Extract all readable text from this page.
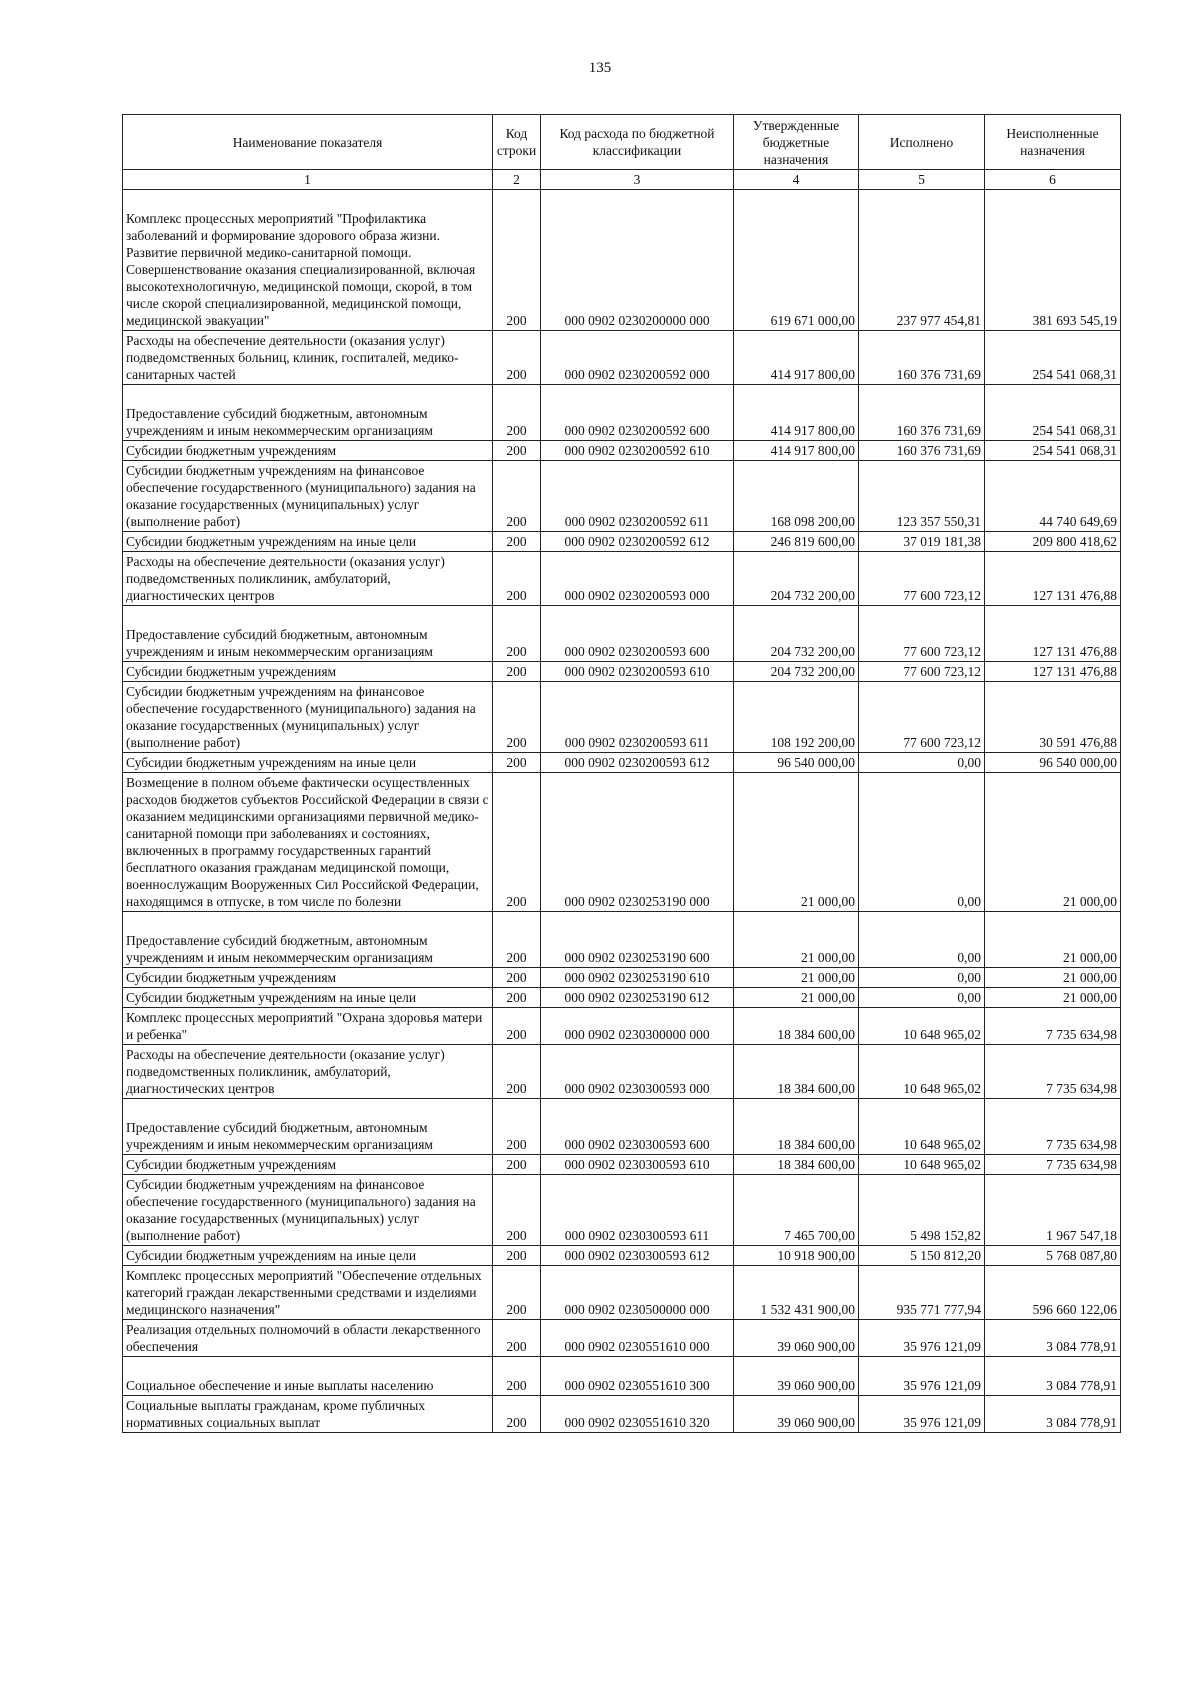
135
Наименование показателя	Код строки	Код расхода по бюджетной классификации	Утвержденные бюджетные назначения	Исполнено	Неисполненные назначения
1	2	3	4	5	6
Комплекс процессных мероприятий "Профилактика заболеваний и формирование здорового образа жизни. Развитие первичной медико-санитарной помощи. Совершенствование оказания специализированной, включая высокотехнологичную, медицинской помощи, скорой, в том числе скорой специализированной, медицинской помощи, медицинской эвакуации"	200	000 0902 0230200000 000	619 671 000,00	237 977 454,81	381 693 545,19
Расходы на обеспечение деятельности (оказания услуг) подведомственных больниц, клиник, госпиталей, медико-санитарных частей	200	000 0902 0230200592 000	414 917 800,00	160 376 731,69	254 541 068,31
Предоставление субсидий бюджетным, автономным учреждениям и иным некоммерческим организациям	200	000 0902 0230200592 600	414 917 800,00	160 376 731,69	254 541 068,31
Субсидии бюджетным учреждениям	200	000 0902 0230200592 610	414 917 800,00	160 376 731,69	254 541 068,31
Субсидии бюджетным учреждениям на финансовое обеспечение государственного (муниципального) задания на оказание государственных (муниципальных) услуг (выполнение работ)	200	000 0902 0230200592 611	168 098 200,00	123 357 550,31	44 740 649,69
Субсидии бюджетным учреждениям на иные цели	200	000 0902 0230200592 612	246 819 600,00	37 019 181,38	209 800 418,62
Расходы на обеспечение деятельности (оказания услуг) подведомственных поликлиник, амбулаторий, диагностических центров	200	000 0902 0230200593 000	204 732 200,00	77 600 723,12	127 131 476,88
Предоставление субсидий бюджетным, автономным учреждениям и иным некоммерческим организациям	200	000 0902 0230200593 600	204 732 200,00	77 600 723,12	127 131 476,88
Субсидии бюджетным учреждениям	200	000 0902 0230200593 610	204 732 200,00	77 600 723,12	127 131 476,88
Субсидии бюджетным учреждениям на финансовое обеспечение государственного (муниципального) задания на оказание государственных (муниципальных) услуг (выполнение работ)	200	000 0902 0230200593 611	108 192 200,00	77 600 723,12	30 591 476,88
Субсидии бюджетным учреждениям на иные цели	200	000 0902 0230200593 612	96 540 000,00	0,00	96 540 000,00
Возмещение в полном объеме фактически осуществленных расходов бюджетов субъектов Российской Федерации в связи с оказанием медицинскими организациями первичной медико-санитарной помощи при заболеваниях и состояниях, включенных в программу государственных гарантий бесплатного оказания гражданам медицинской помощи, военнослужащим Вооруженных Сил Российской Федерации, находящимся в отпуске, в том числе по болезни	200	000 0902 0230253190 000	21 000,00	0,00	21 000,00
Предоставление субсидий бюджетным, автономным учреждениям и иным некоммерческим организациям	200	000 0902 0230253190 600	21 000,00	0,00	21 000,00
Субсидии бюджетным учреждениям	200	000 0902 0230253190 610	21 000,00	0,00	21 000,00
Субсидии бюджетным учреждениям на иные цели	200	000 0902 0230253190 612	21 000,00	0,00	21 000,00
Комплекс процессных мероприятий "Охрана здоровья матери и ребенка"	200	000 0902 0230300000 000	18 384 600,00	10 648 965,02	7 735 634,98
Расходы на обеспечение деятельности (оказание услуг) подведомственных поликлиник, амбулаторий, диагностических центров	200	000 0902 0230300593 000	18 384 600,00	10 648 965,02	7 735 634,98
Предоставление субсидий бюджетным, автономным учреждениям и иным некоммерческим организациям	200	000 0902 0230300593 600	18 384 600,00	10 648 965,02	7 735 634,98
Субсидии бюджетным учреждениям	200	000 0902 0230300593 610	18 384 600,00	10 648 965,02	7 735 634,98
Субсидии бюджетным учреждениям на финансовое обеспечение государственного (муниципального) задания на оказание государственных (муниципальных) услуг (выполнение работ)	200	000 0902 0230300593 611	7 465 700,00	5 498 152,82	1 967 547,18
Субсидии бюджетным учреждениям на иные цели	200	000 0902 0230300593 612	10 918 900,00	5 150 812,20	5 768 087,80
Комплекс процессных мероприятий "Обеспечение отдельных категорий граждан лекарственными средствами и изделиями медицинского назначения"	200	000 0902 0230500000 000	1 532 431 900,00	935 771 777,94	596 660 122,06
Реализация отдельных полномочий в области лекарственного обеспечения	200	000 0902 0230551610 000	39 060 900,00	35 976 121,09	3 084 778,91
Социальное обеспечение и иные выплаты населению	200	000 0902 0230551610 300	39 060 900,00	35 976 121,09	3 084 778,91
Социальные выплаты гражданам, кроме публичных нормативных социальных выплат	200	000 0902 0230551610 320	39 060 900,00	35 976 121,09	3 084 778,91
